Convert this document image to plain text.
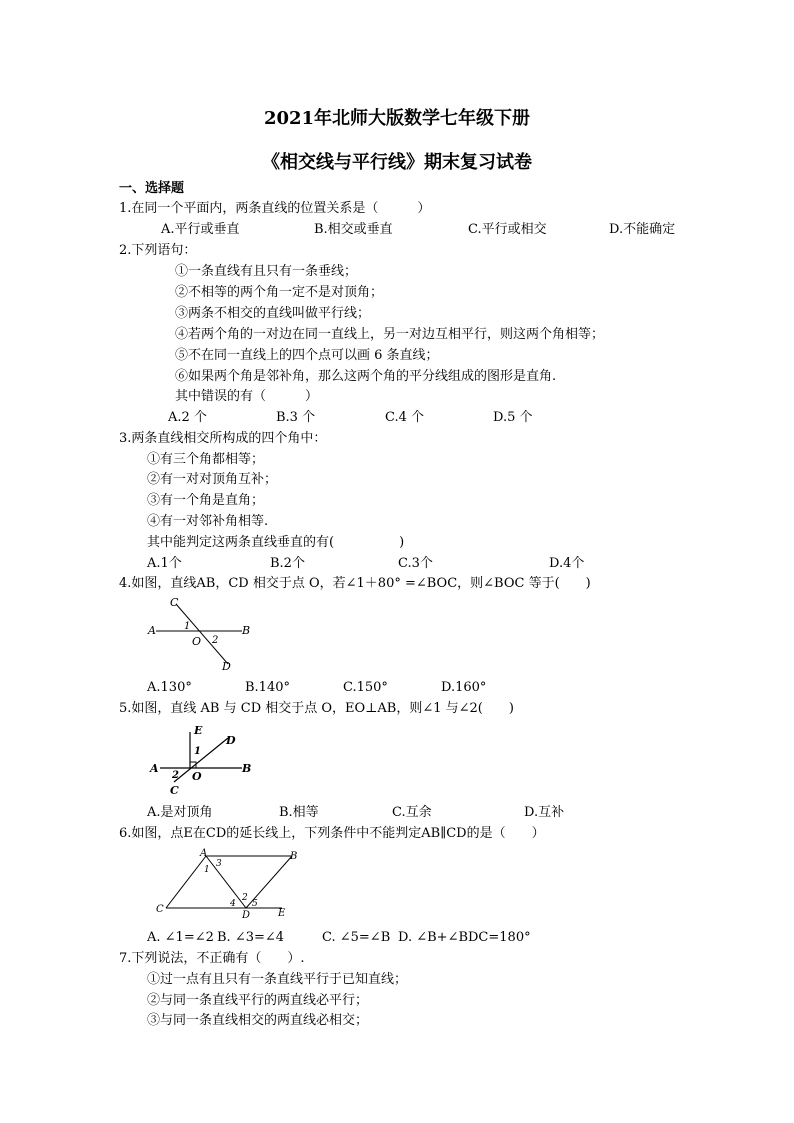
2021年北师大版数学七年级下册
《相交线与平行线》期末复习试卷
一、选择题
1.在同一个平面内，两条直线的位置关系是（　　　）
A.平行或垂直	B.相交或垂直	C.平行或相交	D.不能确定
2.下列语句：
①一条直线有且只有一条垂线；
②不相等的两个角一定不是对顶角；
③两条不相交的直线叫做平行线；
④若两个角的一对边在同一直线上，另一对边互相平行，则这两个角相等；
⑤不在同一直线上的四个点可以画 6 条直线；
⑥如果两个角是邻补角，那么这两个角的平分线组成的图形是直角.
其中错误的有（　　　）
A.2 个	B.3 个	C.4 个	D.5 个
3.两条直线相交所构成的四个角中：
①有三个角都相等；
②有一对对顶角互补；
③有一个角是直角；
④有一对邻补角相等.
其中能判定这两条直线垂直的有(　　　　　)
A.1个	B.2个	C.3个	D.4个
4.如图，直线AB，CD 相交于点 O，若∠1＋80° =∠BOC，则∠BOC 等于(　　)
A	B
C
D
O
1
2
A.130°	B.140°	C.150°	D.160°
5.如图，直线 AB 与 CD 相交于点 O，EO⊥AB，则∠1 与∠2(　　)
A	B
C
D
E
O
1
2
A.是对顶角	B.相等	C.互余	D.互补
6.如图，点E在CD的延长线上，下列条件中不能判定AB∥CD的是（　　）
A	B
C
D	E
1
2
3
4 5
A. ∠1=∠2 B. ∠3=∠4	C. ∠5=∠B D. ∠B+∠BDC=180°
7.下列说法，不正确有（　　）.
①过一点有且只有一条直线平行于已知直线；
②与同一条直线平行的两直线必平行；
③与同一条直线相交的两直线必相交；
